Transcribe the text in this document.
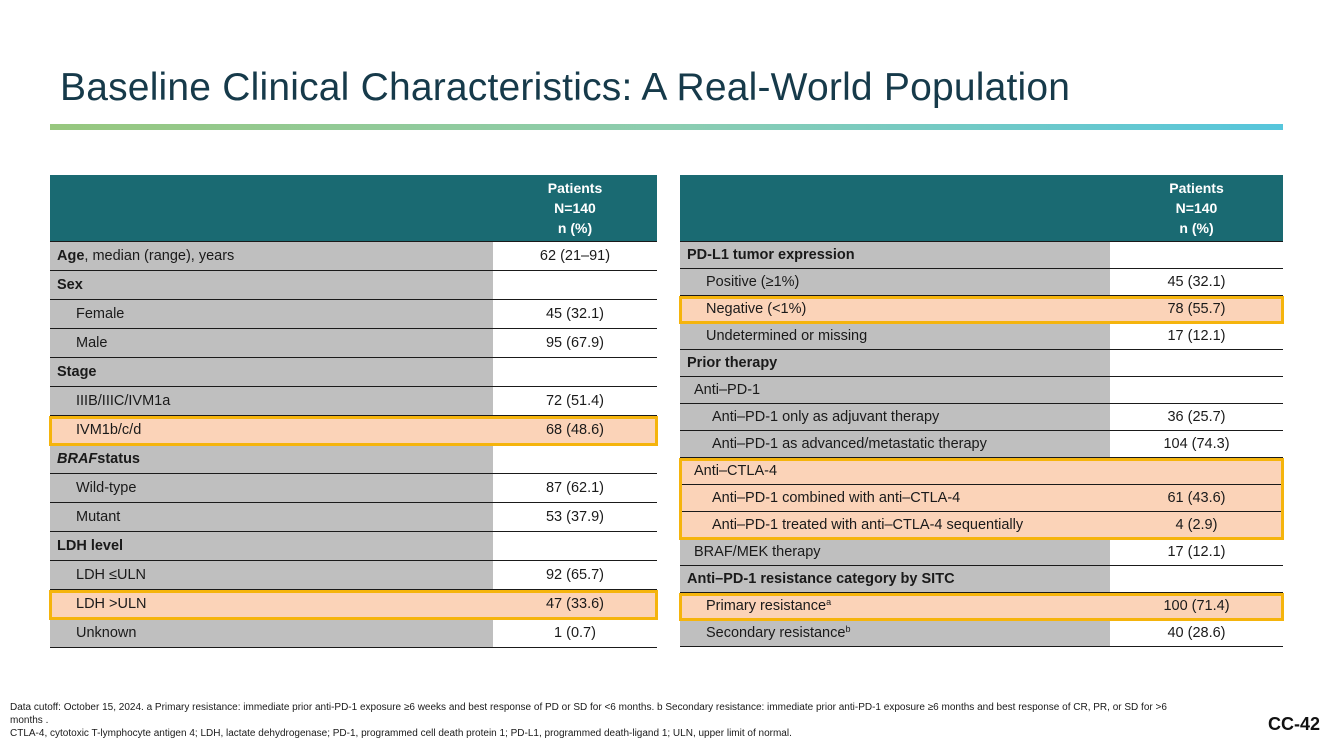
Baseline Clinical Characteristics: A Real-World Population
Patients
N=140
n (%)
Age , median (range), years	62 (21–91)
Sex
Female	45 (32.1)
Male	95 (67.9)
Stage
IIIB/IIIC/IVM1a	72 (51.4)
IVM1b/c/d	68 (48.6)
BRAF status
Wild-type	87 (62.1)
Mutant	53 (37.9)
LDH level
LDH ≤ULN	92 (65.7)
LDH >ULN	47 (33.6)
Unknown	1 (0.7)
Patients
N=140
n (%)
PD-L1 tumor expression
Positive (≥1%)	45 (32.1)
Negative (<1%)	78 (55.7)
Undetermined or missing	17 (12.1)
Prior therapy
Anti–PD-1
Anti–PD-1 only as adjuvant therapy	36 (25.7)
Anti–PD-1 as advanced/metastatic therapy	104 (74.3)
Anti–CTLA-4
Anti–PD-1 combined with anti–CTLA-4	61 (43.6)
Anti–PD-1 treated with anti–CTLA-4 sequentially	4 (2.9)
BRAF/MEK therapy	17 (12.1)
Anti–PD-1 resistance category by SITC
Primary resistance$^a$	100 (71.4)
Secondary resistance$^b$	40 (28.6)
Data cutoff: October 15, 2024. a Primary resistance: immediate prior anti-PD-1 exposure ≥6 weeks and best response of PD or SD for <6 months. b Secondary resistance: immediate prior anti-PD-1 exposure ≥6 months and best response of CR, PR, or SD for >6 months .
CTLA-4, cytotoxic T-lymphocyte antigen 4; LDH, lactate dehydrogenase; PD-1, programmed cell death protein 1; PD-L1, programmed death-ligand 1; ULN, upper limit of normal.	CC-42
